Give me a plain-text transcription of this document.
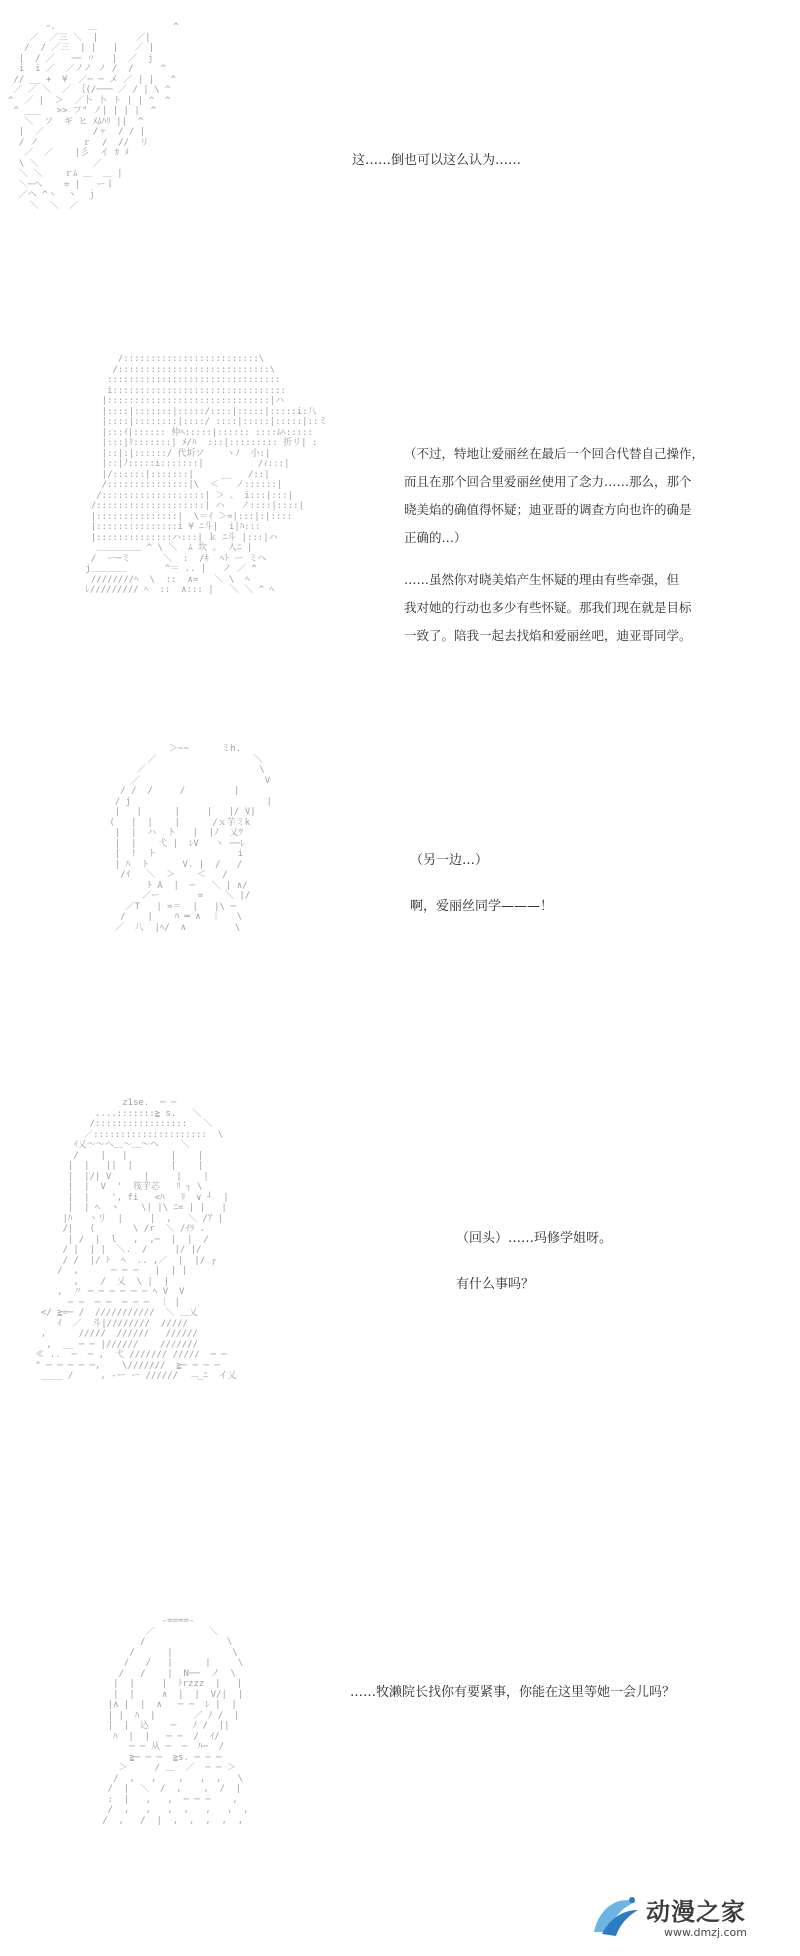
ｰ.      ＿              ^
／  ／三 ＼  |       ／|
/  / ／三  | |   |   ／ |
|  / ／   ｰ─ 〃   |  ／  j
i  i ／  ／ノノ ノ /  /     ^
// __ +  ¥  ／─ ─ メ ／ | |   ^
／ ／ ＼  ／ ｛(/─── ／ / | \ ^
^  ／ |  ＞  ／卜 卜 ト | | ^  ^
^ ___   >> フ" ノ| | | |  ^
＼  ソ  ギ ヒ ﾒﾑﾊﾘ ||  ^
|  ／         /ヶ  / / |
/ ノ        ｒ  /  //  リ
／  ／    |彡  イ ｶ ﾒ
\ ＼          ／
＼ ＼    ｒﾑ ＿  ＿ |
＼─ヘ    = |   ーｌ
／へ ^ヽ  ヽ  ｊ
＼  ＼  ／

这……倒也可以这么认为……

/:::::::::::::::::::::::::\
/::::::::::::::::::::::::::::\
::::::::::::::::::::::::::::::::
i::::::::::::::::::::::::::::::::
|::::::::::::::::::::::::::::::|ハ
|::::|:::::::|:::::/::::|:::::|:::::i:八
|::::|::::::::|::::/ ::::|:::::|:::::|::ミ
|:::ｲ|:::::: 仲ﾍ:::::|:::::: ::::ﾑﾍ:::::
|:::|ﾘ:::::::| ﾒ/ﾊ  :::|::::::::: 折リ| :
|::|:|::::::/ 代圻ソ    ヽﾉ  小:|
|::|ﾉ:::::i:::::::|          /ｨ:::|
|/::::::|:::::::|     __   /::|
/:::::::::::::::|\  ＜   ノ::::::|
/:::::::::::::::::::| ＞ 、 i:::|:::|
/::::::::::::::::::::| ハ   ノ::::|::::|
|:::::::::::::::|  \＝ｲ ＞=|:::|:|::::
|:::::::::::::::i ¥ ﾆ斗|  i|ﾊ:::
|::::::::::::::ハ:::| ｋ ﾆ斗 |:::|ハ
＿＿＿＿＿ ^ \ ＼  ﾑ 坎 ｡  人ﾆ |
/  ー─ミ      ＼  :  /ｷ  ﾍﾄ ー ミへ
j＿＿＿＿       ^＝ .. |   ノ ／ ^
////////ﾍ  \  ::  ∧=   ＼ \  ﾍ
ﾚ///////// ﾍ  ::  ∧::: |   ＼ ＼ ^ ﾍ
（不过，特地让爱丽丝在最后一个回合代替自己操作，
而且在那个回合里爱丽丝使用了念力……那么，那个
晓美焰的确值得怀疑；迪亚哥的调查方向也许的确是
正确的…）
……虽然你对晓美焰产生怀疑的理由有些牵强，但
我对她的行动也多少有些怀疑。那我们现在就是目标
一致了。陪我一起去找焰和爱丽丝吧，迪亚哥同学。
＞~~      ミh.
／                  ＼
／                     \
／                       V
/ /  /     /         |
/ j                         |
|   |      |     |   |/ V|
(   |  |    |      /ｘ芋ミk
|  |  ハ  ト   |  |ﾉ  乂ﾂ
|  |    弋 |  ﾚV   ヽ ──ﾚ
|  !  ト               i
| ﾊ  ト      V. |  /   /
/ｲ   ＼  ＞    ＜   /
ﾄ A  |  ─   ＼ | ∧/
／ー       =    ＼ |/
／T   | =＝  |   |\ ─
/    |    ﾊ ═ ∧  ｜   \
／  八  |ﾍ/  ∧         \
（另一边…）
啊，爱丽丝同学———！
z1se.  ─ ─
....:::::::≧ s.   ＼
/:::::::::::::::::   ＼
／:::::::::::::::::::::  \
ｲ乂〜〜ヘ＿〜＿〜ヘ    ＼
/    |   |        |    |
|  |   ||  |       |    |
|  |/| V      |     |    |
|  |  V  '  筏芋芯   ﾘ ┐ \
|  |    ', fi   <ﾊ   ﾘ  ∨ ┘  |
|  | ﾍ  ヽ    \| |\ ﾆ= | |   |
|ﾊ   ヽリ  |     |  ,   ＼ /ｱ |
/|   (       \ /r  ＼ /ｲﾗ .
| /  |  l   ,  ,─  |  |  /
/ |  | |  ＼.  /     |/ |/
/ /  |/ ﾄ  ﾍ  .. ,／  |  |/ ┌
/  ,      ─ ─ ─   |  | |
,    /  乂  \ |  |
,  〃 ─ ─ ─ ─ ─ ─ ﾍ V  V
─ ─  ─ ─  ─ ─ ─  ｜ |
</ ≧=─ /  ///////////  ＼ ＿乂
ｲ  ／  斗|////////  /////
,      /////  //////   //////
,  __ ─ ─ |//////    ///////
≪ ..  ─  ─ ,  弋 /////// /////  ─ ─
" ─ ─ ─ ─ ─,    \///////  ≧─ ─ ─ ─
____ /     , -ー ー //////  ﹁_ﾆ  イ乂
（回头）……玛修学姐呀。
有什么事吗？
-==≈=-
／          ＼
/               \
/      |           \
/   /   |      |     \
/   /    |  N──  ノ  \
|  |     |  ﾄrzzz  |   |
|  |     ∧  |  |  V/|  |
|∧ |  |  ∧   ─ ─  ﾚ |  |
| |  ﾊ  |       ／ ﾉ /  |
|  |  込    ─   ﾉ /  ||
ﾊ  |  |   ─ ─  /  ｲ/
─ ─ 从 ─  ─  ﾊ─  /
≧─ ─ ─  ≧s. ─ ─ ─
＞     / ＿  ／  ─ ─ ＞
/  ,   ,    ,   ,  ,   \
/  |  ＼  /  ,    ,  /  |
:  |   ,   ,  ─ ─ ─    ,
/  ,   ,   ,  ,   ,   ,  ,
/  ,   /  |  ,  ,  ,  ,  ,
……牧濑院长找你有要紧事，你能在这里等她一会儿吗？
动漫之家
www.dmzj.com
